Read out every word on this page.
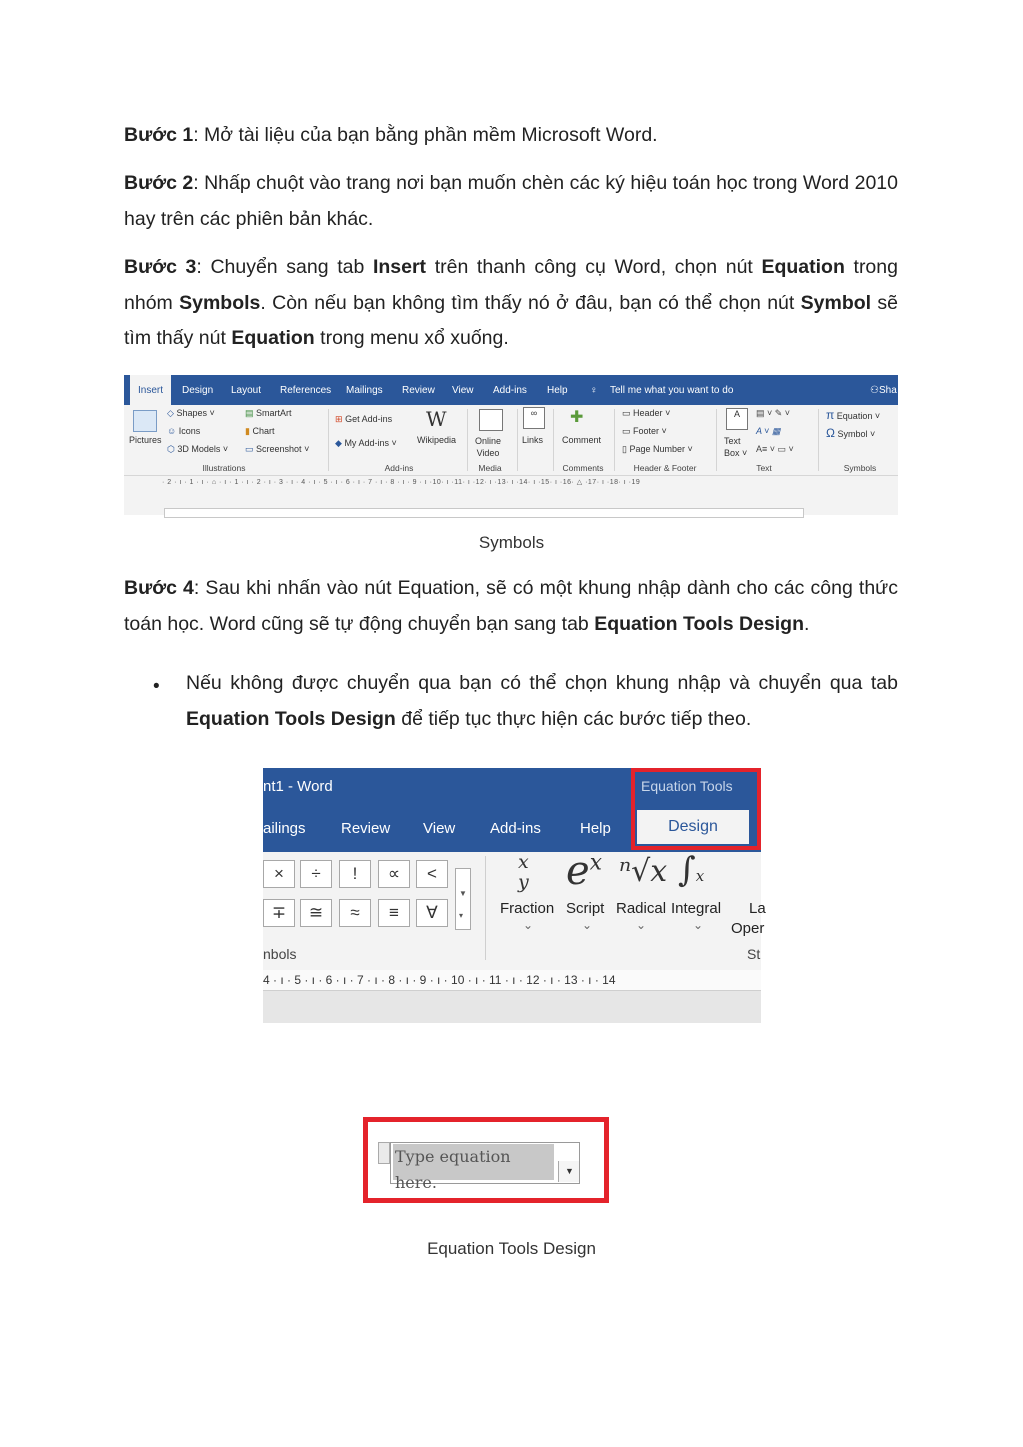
Bước 1: Mở tài liệu của bạn bằng phần mềm Microsoft Word.
Bước 2: Nhấp chuột vào trang nơi bạn muốn chèn các ký hiệu toán học trong Word 2010 hay trên các phiên bản khác.
Bước 3: Chuyển sang tab Insert trên thanh công cụ Word, chọn nút Equation trong nhóm Symbols. Còn nếu bạn không tìm thấy nó ở đâu, bạn có thể chọn nút Symbol sẽ tìm thấy nút Equation trong menu xổ xuống.
Insert	Design Layout References Mailings Review View Add-ins Help ♀ Tell me what you want to do	⚇Sha
Pictures
◇ Shapes ˅
☺ Icons
⬡ 3D Models ˅
▤ SmartArt
▮ Chart
▭ Screenshot ˅
Illustrations
⊞ Get Add-ins
◆ My Add-ins ˅
W
Wikipedia
Add-ins
Online
Video
Media
∞
Links
✚
Comment
Comments
▭ Header ˅
▭ Footer ˅
▯ Page Number ˅
Header & Footer
A
Text
Box ˅
▤ ˅ ✎ ˅
A ˅ ▦
A≡ ˅ ▭ ˅
Text
π Equation ˅
Ω Symbol ˅
Symbols
· 2 · ı · 1 · ı · ⌂ · ı · 1 · ı · 2 · ı · 3 · ı · 4 · ı · 5 · ı · 6 · ı · 7 · ı · 8 · ı · 9 · ı ·10· ı ·11· ı ·12· ı ·13· ı ·14· ı ·15· ı ·16· △ ·17· ı ·18· ı ·19
Symbols
Bước 4: Sau khi nhấn vào nút Equation, sẽ có một khung nhập dành cho các công thức toán học. Word cũng sẽ tự động chuyển bạn sang tab Equation Tools Design.
• Nếu không được chuyển qua bạn có thể chọn khung nhập và chuyển qua tab Equation Tools Design để tiếp tục thực hiện các bước tiếp theo.
nt1 - Word
ailings Review View Add-ins	Help
Equation Tools
Design
×	÷	!	∝	<
∓	≅	≈	≡	∀
▼
▾
x
y $e^x$ ⁿ√x ∫x
Fraction Script Radical Integral La
Oper
⌄	⌄	⌄	⌄
nbols	St
4 · ı · 5 · ı · 6 · ı · 7 · ı · 8 · ı · 9 · ı · 10 · ı · 11 · ı · 12 · ı · 13 · ı · 14
Type equation here.
▼
Equation Tools Design
